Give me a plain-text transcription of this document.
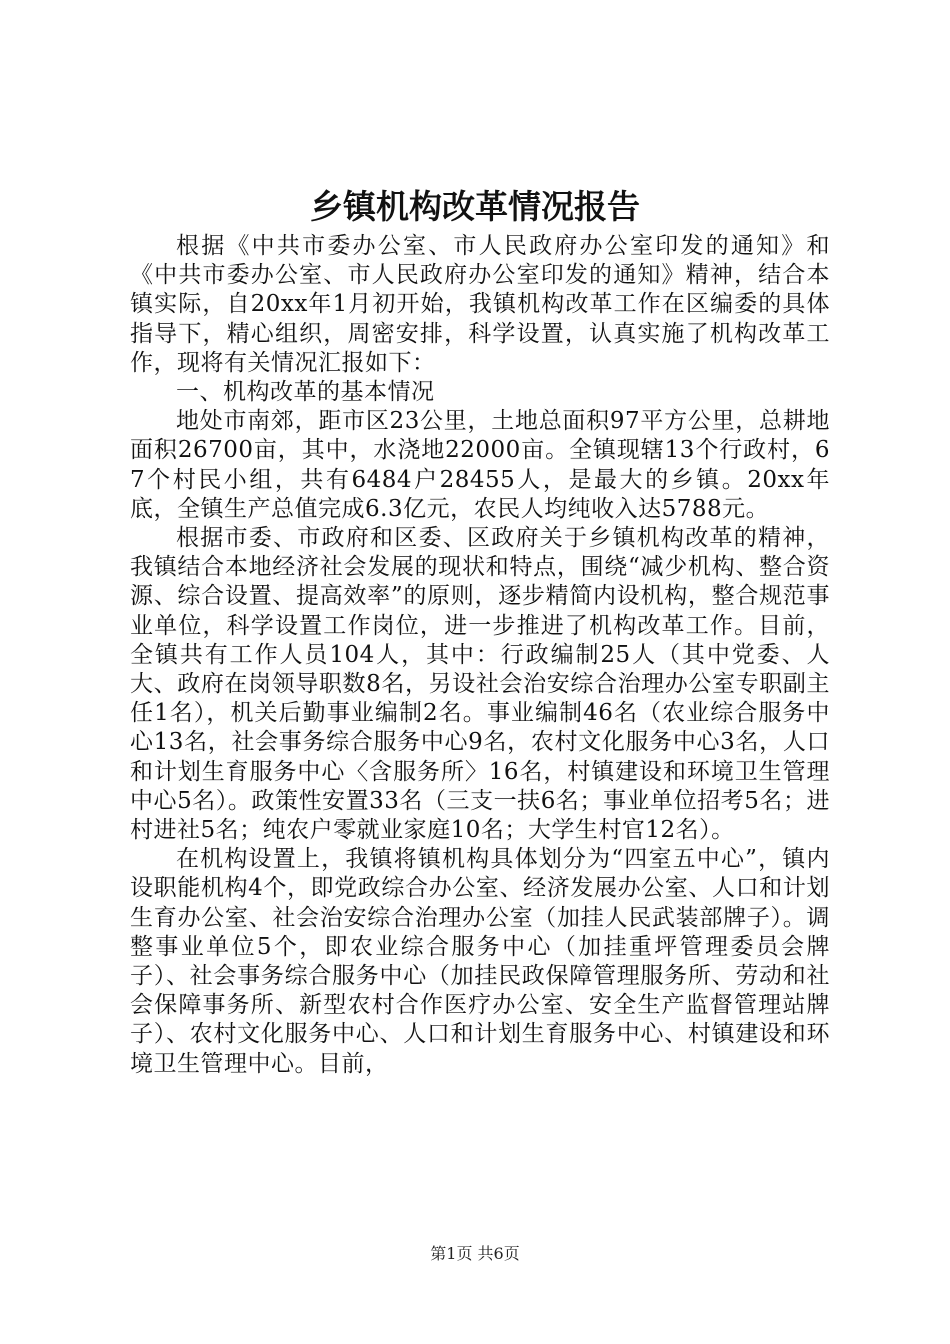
乡镇机构改革情况报告

根据《中共市委办公室、市人民政府办公室印发的通知》和《中共市委办公室、市人民政府办公室印发的通知》精神，结合本镇实际，自20xx年1月初开始，我镇机构改革工作在区编委的具体指导下，精心组织，周密安排，科学设置，认真实施了机构改革工作，现将有关情况汇报如下：

一、机构改革的基本情况

地处市南郊，距市区23公里，土地总面积97平方公里，总耕地面积26700亩，其中，水浇地22000亩。全镇现辖13个行政村，67个村民小组，共有6484户28455人，是最大的乡镇。20xx年底，全镇生产总值完成6.3亿元，农民人均纯收入达5788元。

根据市委、市政府和区委、区政府关于乡镇机构改革的精神，我镇结合本地经济社会发展的现状和特点，围绕“减少机构、整合资源、综合设置、提高效率”的原则，逐步精简内设机构，整合规范事业单位，科学设置工作岗位，进一步推进了机构改革工作。目前，全镇共有工作人员104人，其中：行政编制25人（其中党委、人大、政府在岗领导职数8名，另设社会治安综合治理办公室专职副主任1名），机关后勤事业编制2名。事业编制46名（农业综合服务中心13名，社会事务综合服务中心9名，农村文化服务中心3名，人口和计划生育服务中心〈含服务所〉16名，村镇建设和环境卫生管理中心5名）。政策性安置33名（三支一扶6名；事业单位招考5名；进村进社5名；纯农户零就业家庭10名；大学生村官12名）。

在机构设置上，我镇将镇机构具体划分为“四室五中心”，镇内设职能机构4个，即党政综合办公室、经济发展办公室、人口和计划生育办公室、社会治安综合治理办公室（加挂人民武装部牌子）。调整事业单位5个，即农业综合服务中心（加挂重坪管理委员会牌子）、社会事务综合服务中心（加挂民政保障管理服务所、劳动和社会保障事务所、新型农村合作医疗办公室、安全生产监督管理站牌子）、农村文化服务中心、人口和计划生育服务中心、村镇建设和环境卫生管理中心。目前，

第1页 共6页
